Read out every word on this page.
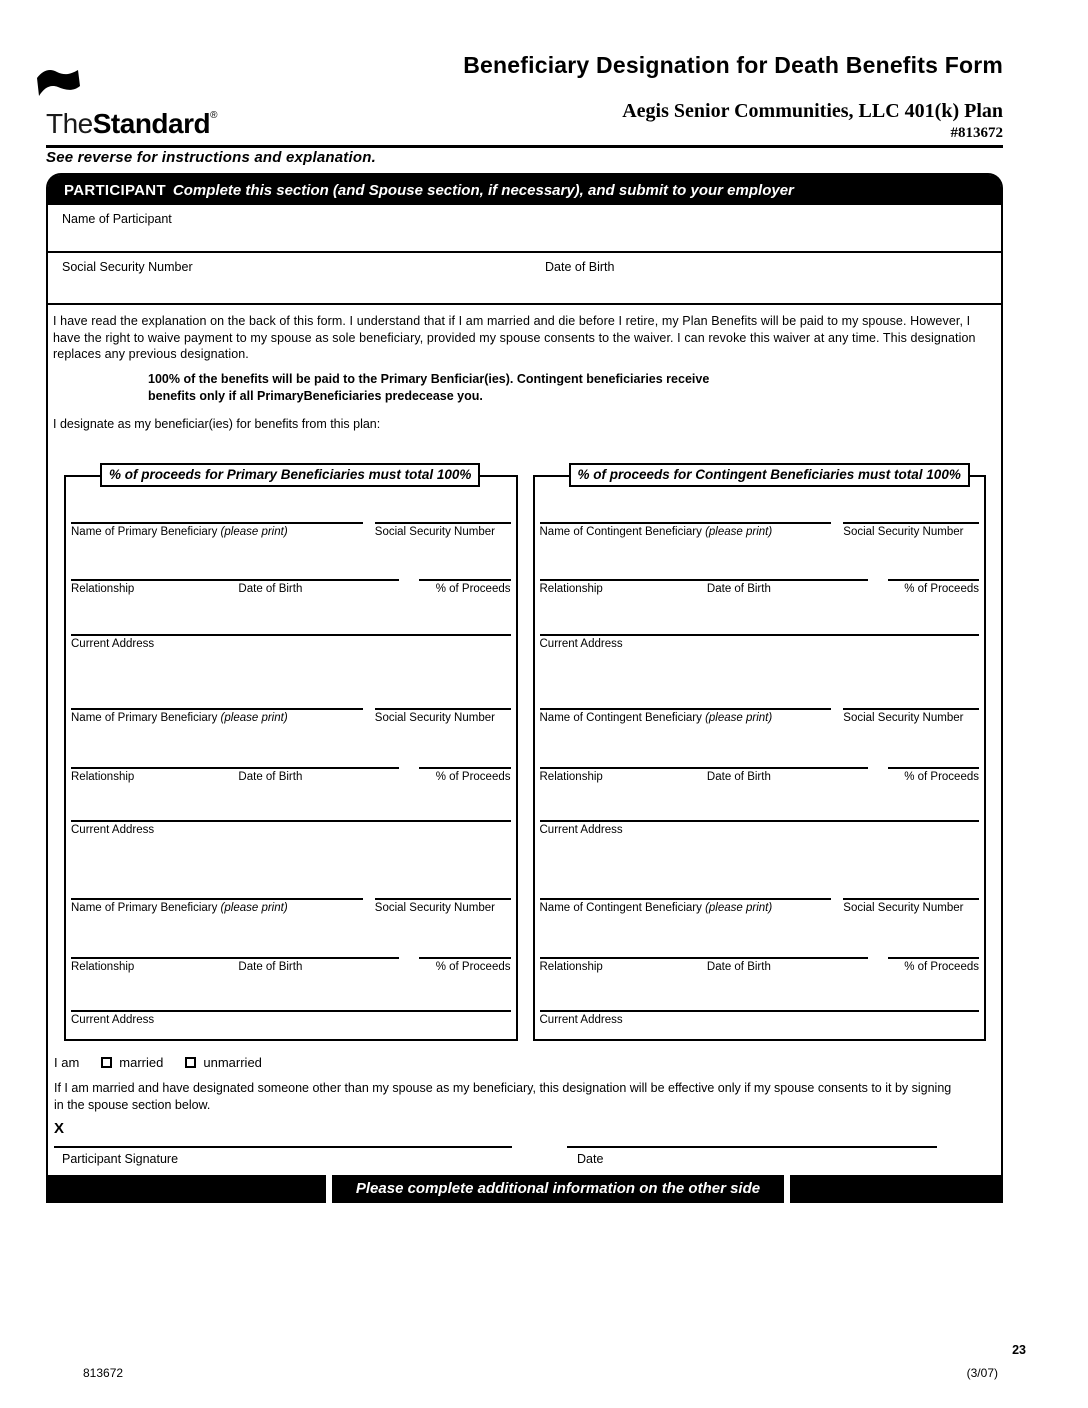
TheStandard®
Beneficiary Designation for Death Benefits Form
Aegis Senior Communities, LLC 401(k) Plan
#813672
See reverse for instructions and explanation.
PARTICIPANT Complete this section (and Spouse section, if necessary), and submit to your employer
Name of Participant
Social Security Number	Date of Birth
I have read the explanation on the back of this form. I understand that if I am married and die before I retire, my Plan Benefits will be paid to my spouse. However, I have the right to waive payment to my spouse as sole beneficiary, provided my spouse consents to the waiver. I can revoke this waiver at any time. This designation replaces any previous designation.
100% of the benefits will be paid to the Primary Benficiar(ies). Contingent beneficiaries receive
benefits only if all PrimaryBeneficiaries predecease you.
I designate as my beneficiar(ies) for benefits from this plan:
% of proceeds for Primary Beneficiaries must total 100%
Name of Primary Beneficiary (please print)	Social Security Number
Relationship	Date of Birth	% of Proceeds
Current Address
Name of Primary Beneficiary (please print)	Social Security Number
Relationship	Date of Birth	% of Proceeds
Current Address
Name of Primary Beneficiary (please print)	Social Security Number
Relationship	Date of Birth	% of Proceeds
Current Address
% of proceeds for Contingent Beneficiaries must total 100%
Name of Contingent Beneficiary (please print)	Social Security Number
Relationship	Date of Birth	% of Proceeds
Current Address
Name of Contingent Beneficiary (please print)	Social Security Number
Relationship	Date of Birth	% of Proceeds
Current Address
Name of Contingent Beneficiary (please print)	Social Security Number
Relationship	Date of Birth	% of Proceeds
Current Address
I am	married	unmarried
If I am married and have designated someone other than my spouse as my beneficiary, this designation will be effective only if my spouse consents to it by signing in the spouse section below.
X
Participant Signature	Date
Please complete additional information on the other side
23
813672	(3/07)
